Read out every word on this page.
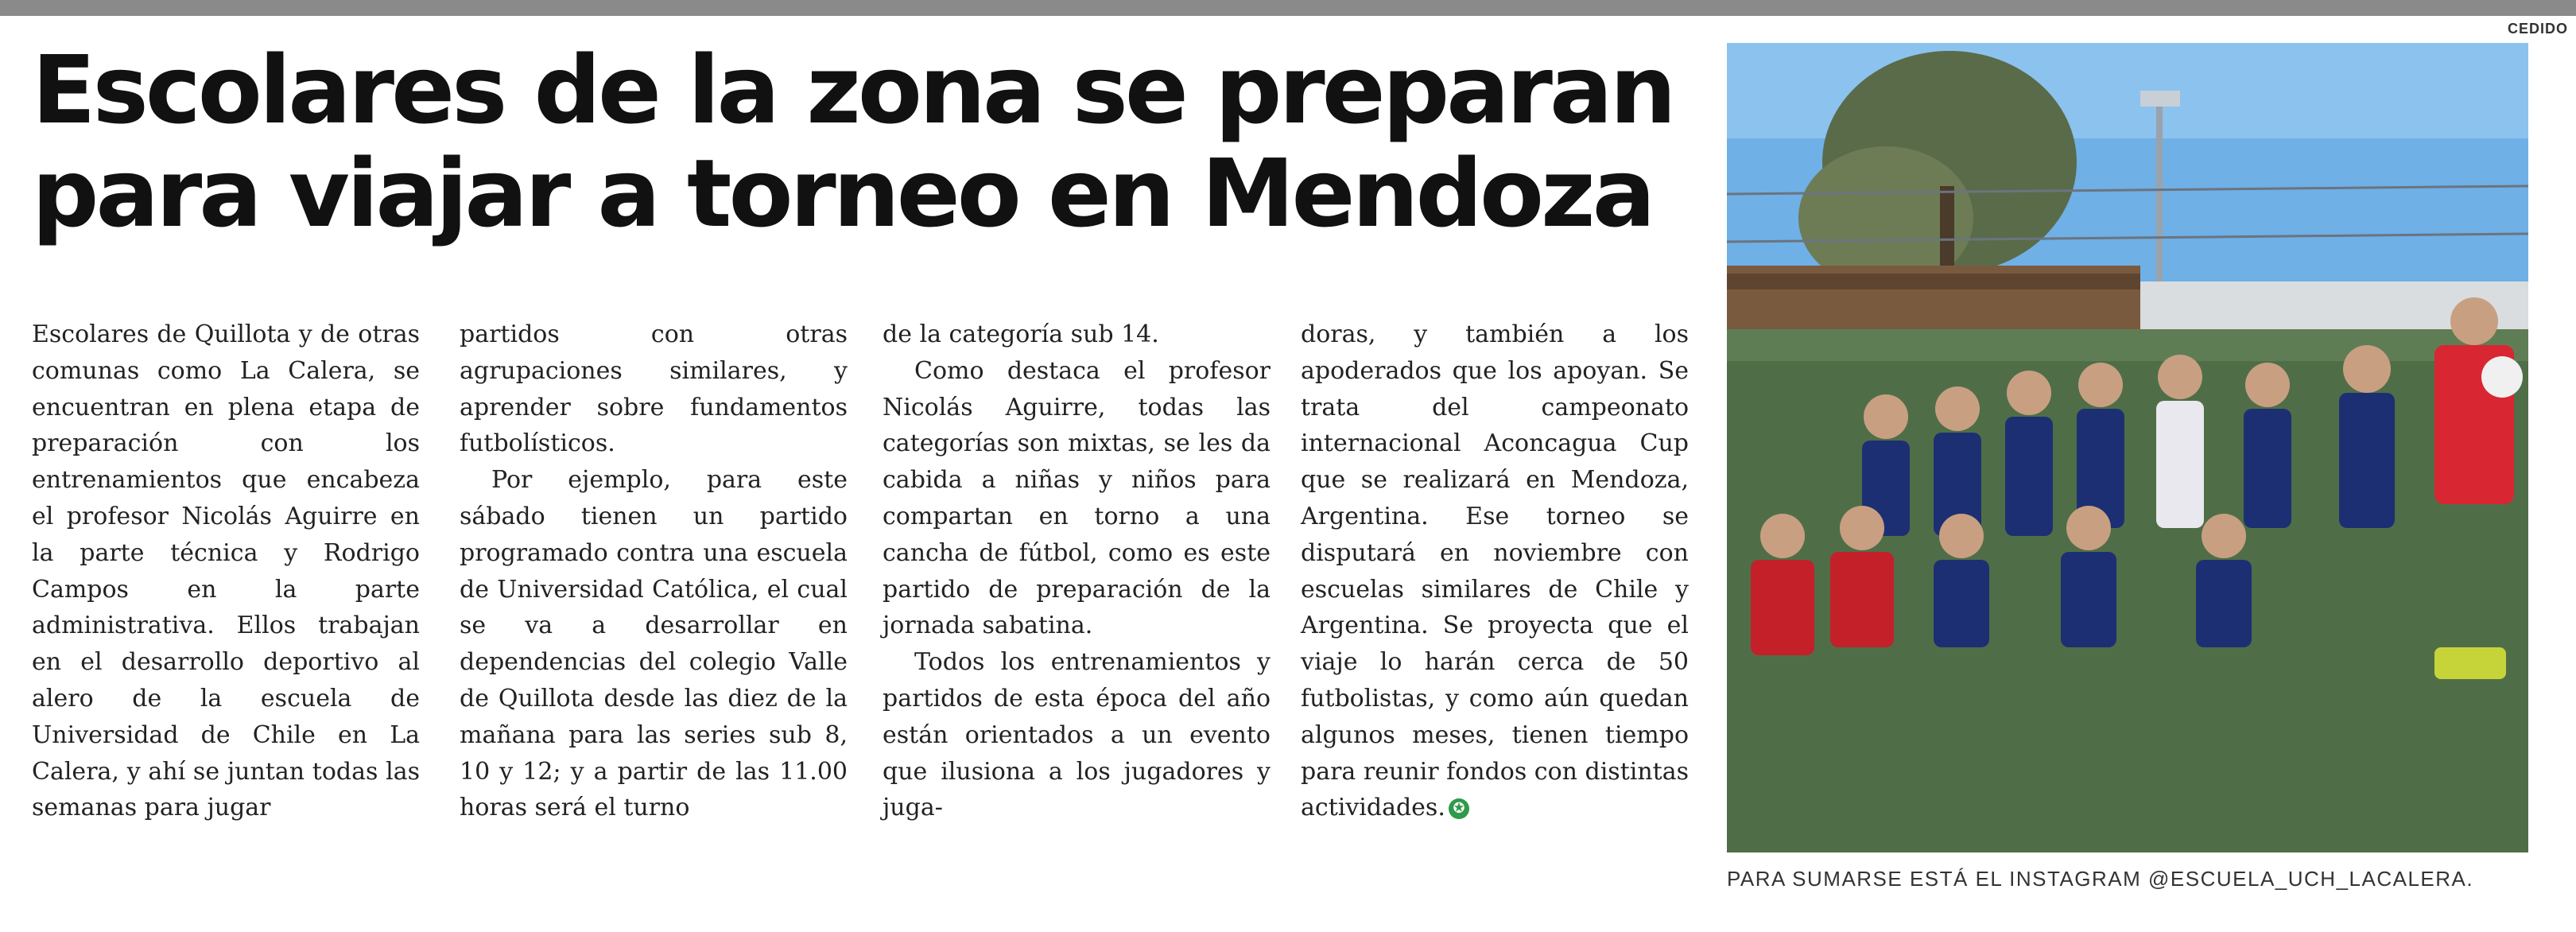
CEDIDO
Escolares de la zona se preparan para viajar a torneo en Mendoza

Escolares de Quillota y de otras comunas como La Calera, se encuentran en plena etapa de preparación con los entrenamientos que encabeza el profesor Nicolás Aguirre en la parte técnica y Rodrigo Campos en la parte administrativa. Ellos trabajan en el desarrollo deportivo al alero de la escuela de Universidad de Chile en La Calera, y ahí se juntan todas las semanas para jugar

partidos con otras agrupaciones similares, y aprender sobre fundamentos futbolísticos.

Por ejemplo, para este sábado tienen un partido programado contra una escuela de Universidad Católica, el cual se va a desarrollar en dependencias del colegio Valle de Quillota desde las diez de la mañana para las series sub 8, 10 y 12; y a partir de las 11.00 horas será el turno

de la categoría sub 14.

Como destaca el profesor Nicolás Aguirre, todas las categorías son mixtas, se les da cabida a niñas y niños para compartan en torno a una cancha de fútbol, como es este partido de preparación de la jornada sabatina.

Todos los entrenamientos y partidos de esta época del año están orientados a un evento que ilusiona a los jugadores y juga-

doras, y también a los apoderados que los apoyan. Se trata del campeonato internacional Aconcagua Cup que se realizará en Mendoza, Argentina. Ese torneo se disputará en noviembre con escuelas similares de Chile y Argentina. Se proyecta que el viaje lo harán cerca de 50 futbolistas, y como aún quedan algunos meses, tienen tiempo para reunir fondos con distintas actividades. ✪

PARA SUMARSE ESTÁ EL INSTAGRAM @ESCUELA_UCH_LACALERA.
